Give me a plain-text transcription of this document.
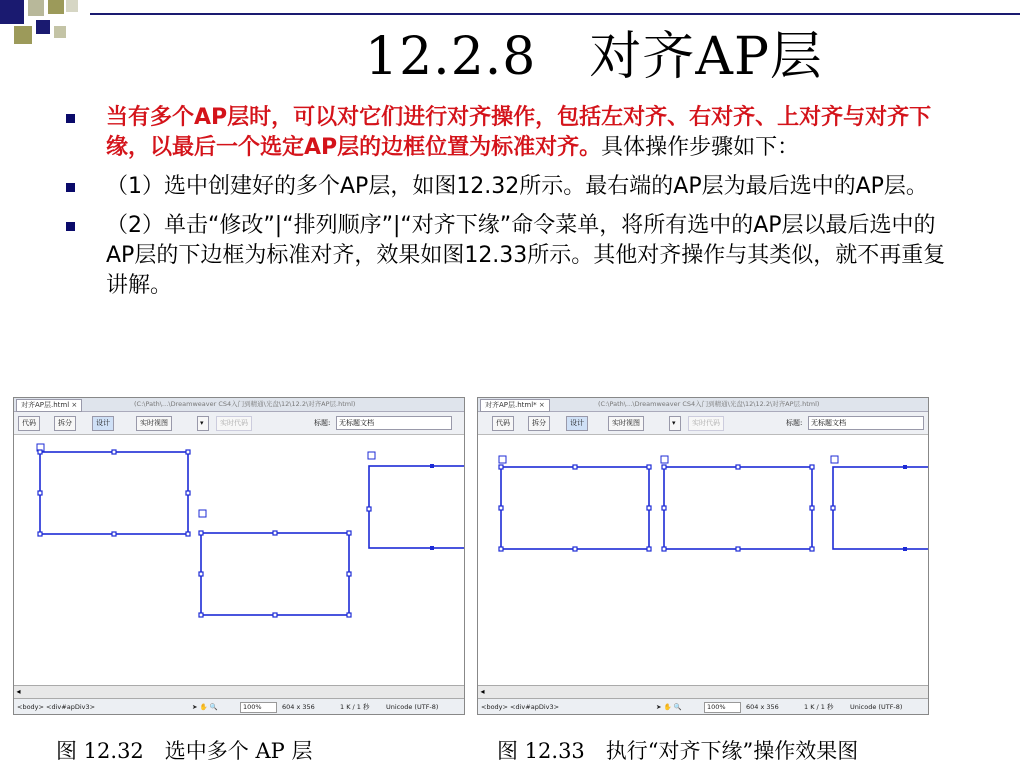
12.2.8　对齐AP层
当有多个AP层时，可以对它们进行对齐操作，包括左对齐、右对齐、上对齐与对齐下缘，以最后一个选定AP层的边框位置为标准对齐。具体操作步骤如下：
（1）选中创建好的多个AP层，如图12.32所示。最右端的AP层为最后选中的AP层。
（2）单击“修改”|“排列顺序”|“对齐下缘”命令菜单，将所有选中的AP层以最后选中的AP层的下边框为标准对齐，效果如图12.33所示。其他对齐操作与其类似，就不再重复讲解。
对齐AP层.html ×	(C:\Path\…\Dreamweaver CS4入门到精通\光盘\12\12.2\对齐AP层.html)
代码	拆分	设计	实时视图	▾	实时代码	标题:	无标题文档
◂
<body> <div#apDiv3>	➤ ✋ 🔍	100%	604 x 356	1 K / 1 秒	Unicode (UTF-8)
对齐AP层.html* ×	(C:\Path\…\Dreamweaver CS4入门到精通\光盘\12\12.2\对齐AP层.html)
代码	拆分	设计	实时视图	▾	实时代码	标题:	无标题文档
◂
<body> <div#apDiv3>	➤ ✋ 🔍	100%	604 x 356	1 K / 1 秒	Unicode (UTF-8)
图 12.32　选中多个 AP 层	图 12.33　执行“对齐下缘”操作效果图
